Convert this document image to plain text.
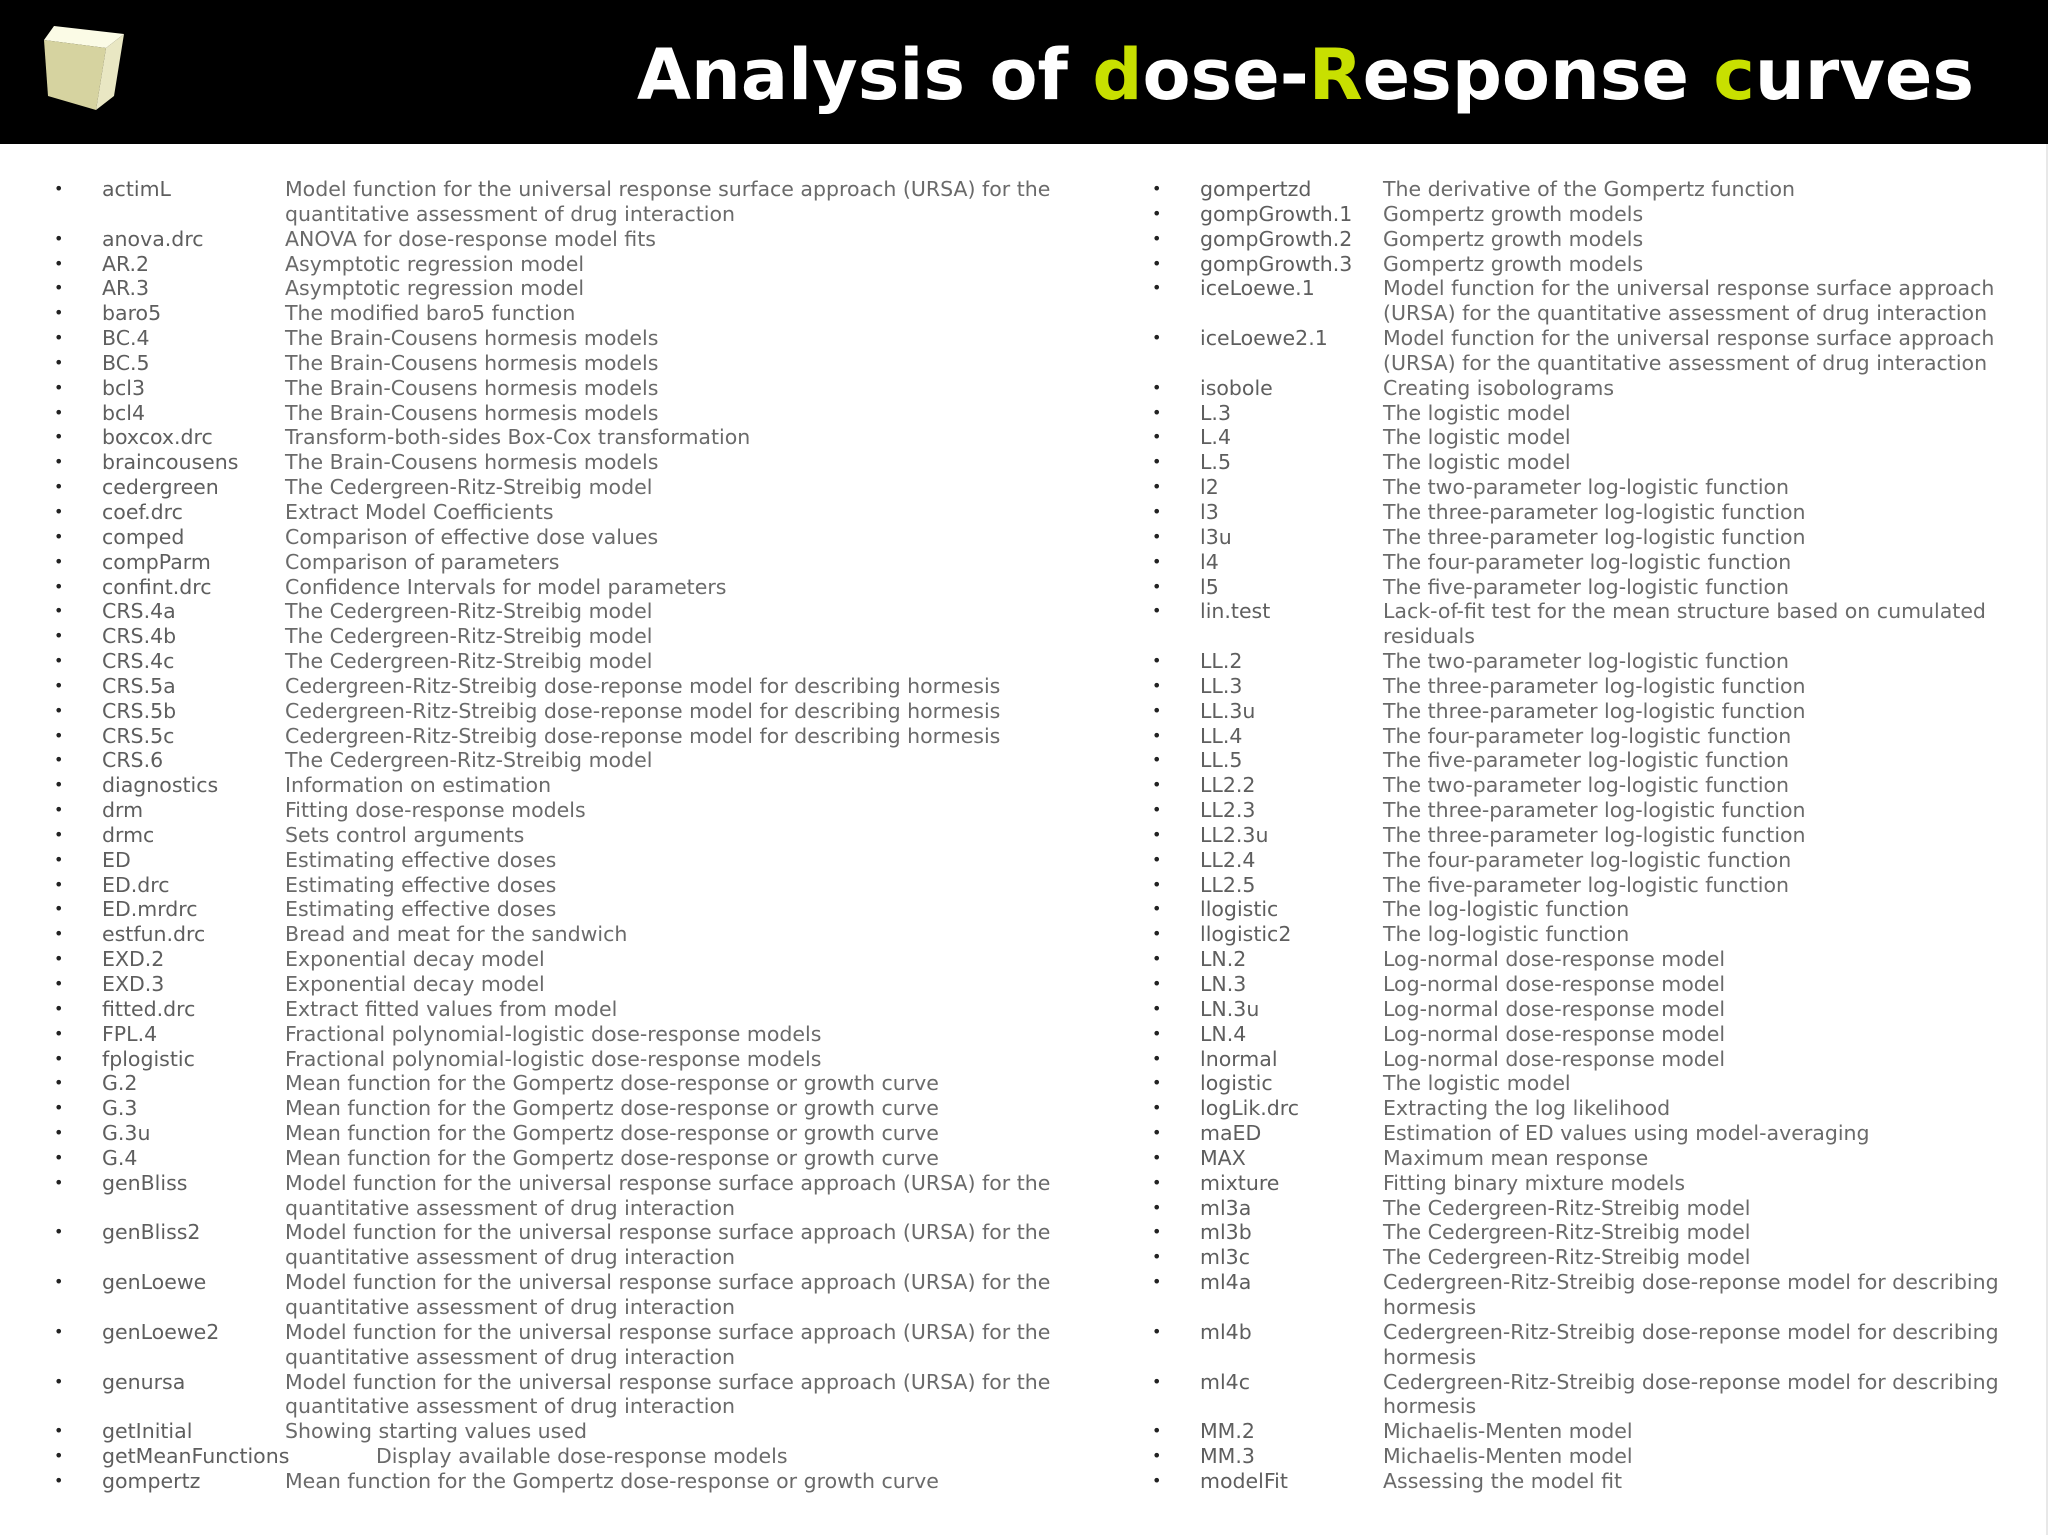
Analysis of dose-Response curves
•	actimL	Model function for the universal response surface approach (URSA) for the quantitative assessment of drug interaction
•	anova.drc	ANOVA for dose-response model fits
•	AR.2	Asymptotic regression model
•	AR.3	Asymptotic regression model
•	baro5	The modified baro5 function
•	BC.4	The Brain-Cousens hormesis models
•	BC.5	The Brain-Cousens hormesis models
•	bcl3	The Brain-Cousens hormesis models
•	bcl4	The Brain-Cousens hormesis models
•	boxcox.drc	Transform-both-sides Box-Cox transformation
•	braincousens	The Brain-Cousens hormesis models
•	cedergreen	The Cedergreen-Ritz-Streibig model
•	coef.drc	Extract Model Coefficients
•	comped	Comparison of effective dose values
•	compParm	Comparison of parameters
•	confint.drc	Confidence Intervals for model parameters
•	CRS.4a	The Cedergreen-Ritz-Streibig model
•	CRS.4b	The Cedergreen-Ritz-Streibig model
•	CRS.4c	The Cedergreen-Ritz-Streibig model
•	CRS.5a	Cedergreen-Ritz-Streibig dose-reponse model for describing hormesis
•	CRS.5b	Cedergreen-Ritz-Streibig dose-reponse model for describing hormesis
•	CRS.5c	Cedergreen-Ritz-Streibig dose-reponse model for describing hormesis
•	CRS.6	The Cedergreen-Ritz-Streibig model
•	diagnostics	Information on estimation
•	drm	Fitting dose-response models
•	drmc	Sets control arguments
•	ED	Estimating effective doses
•	ED.drc	Estimating effective doses
•	ED.mrdrc	Estimating effective doses
•	estfun.drc	Bread and meat for the sandwich
•	EXD.2	Exponential decay model
•	EXD.3	Exponential decay model
•	fitted.drc	Extract fitted values from model
•	FPL.4	Fractional polynomial-logistic dose-response models
•	fplogistic	Fractional polynomial-logistic dose-response models
•	G.2	Mean function for the Gompertz dose-response or growth curve
•	G.3	Mean function for the Gompertz dose-response or growth curve
•	G.3u	Mean function for the Gompertz dose-response or growth curve
•	G.4	Mean function for the Gompertz dose-response or growth curve
•	genBliss	Model function for the universal response surface approach (URSA) for the quantitative assessment of drug interaction
•	genBliss2	Model function for the universal response surface approach (URSA) for the quantitative assessment of drug interaction
•	genLoewe	Model function for the universal response surface approach (URSA) for the quantitative assessment of drug interaction
•	genLoewe2	Model function for the universal response surface approach (URSA) for the quantitative assessment of drug interaction
•	genursa	Model function for the universal response surface approach (URSA) for the quantitative assessment of drug interaction
•	getInitial	Showing starting values used
•	getMeanFunctions	Display available dose-response models
•	gompertz	Mean function for the Gompertz dose-response or growth curve
•	gompertzd	The derivative of the Gompertz function
•	gompGrowth.1	Gompertz growth models
•	gompGrowth.2	Gompertz growth models
•	gompGrowth.3	Gompertz growth models
•	iceLoewe.1	Model function for the universal response surface approach (URSA) for the quantitative assessment of drug interaction
•	iceLoewe2.1	Model function for the universal response surface approach (URSA) for the quantitative assessment of drug interaction
•	isobole	Creating isobolograms
•	L.3	The logistic model
•	L.4	The logistic model
•	L.5	The logistic model
•	l2	The two-parameter log-logistic function
•	l3	The three-parameter log-logistic function
•	l3u	The three-parameter log-logistic function
•	l4	The four-parameter log-logistic function
•	l5	The five-parameter log-logistic function
•	lin.test	Lack-of-fit test for the mean structure based on cumulated residuals
•	LL.2	The two-parameter log-logistic function
•	LL.3	The three-parameter log-logistic function
•	LL.3u	The three-parameter log-logistic function
•	LL.4	The four-parameter log-logistic function
•	LL.5	The five-parameter log-logistic function
•	LL2.2	The two-parameter log-logistic function
•	LL2.3	The three-parameter log-logistic function
•	LL2.3u	The three-parameter log-logistic function
•	LL2.4	The four-parameter log-logistic function
•	LL2.5	The five-parameter log-logistic function
•	llogistic	The log-logistic function
•	llogistic2	The log-logistic function
•	LN.2	Log-normal dose-response model
•	LN.3	Log-normal dose-response model
•	LN.3u	Log-normal dose-response model
•	LN.4	Log-normal dose-response model
•	lnormal	Log-normal dose-response model
•	logistic	The logistic model
•	logLik.drc	Extracting the log likelihood
•	maED	Estimation of ED values using model-averaging
•	MAX	Maximum mean response
•	mixture	Fitting binary mixture models
•	ml3a	The Cedergreen-Ritz-Streibig model
•	ml3b	The Cedergreen-Ritz-Streibig model
•	ml3c	The Cedergreen-Ritz-Streibig model
•	ml4a	Cedergreen-Ritz-Streibig dose-reponse model for describing hormesis
•	ml4b	Cedergreen-Ritz-Streibig dose-reponse model for describing hormesis
•	ml4c	Cedergreen-Ritz-Streibig dose-reponse model for describing hormesis
•	MM.2	Michaelis-Menten model
•	MM.3	Michaelis-Menten model
•	modelFit	Assessing the model fit
